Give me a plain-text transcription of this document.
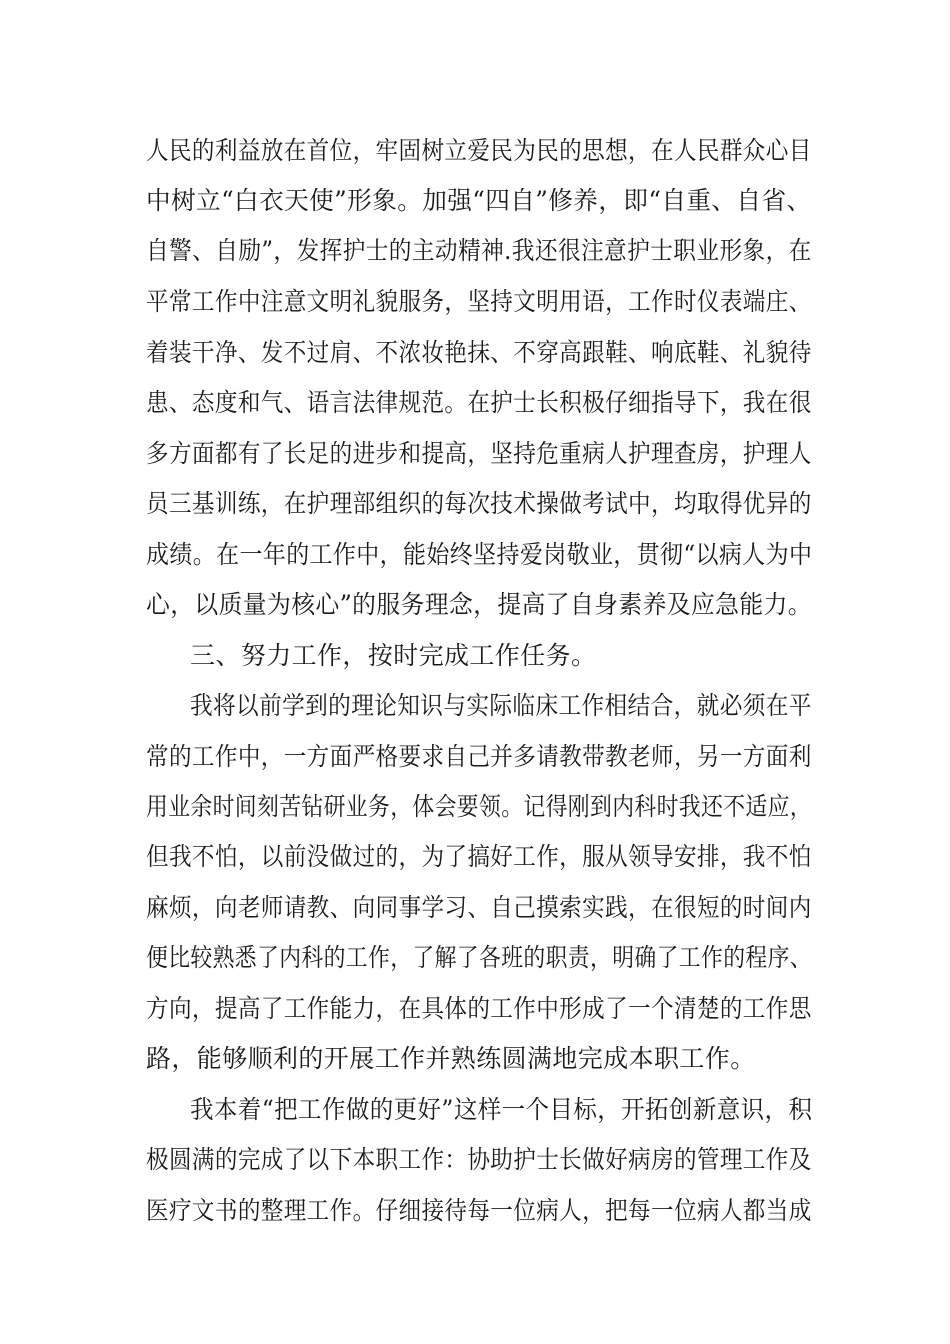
人民的利益放在首位，牢固树立爱民为民的思想，在人民群众心目
中树立“白衣天使”形象。加强“四自”修养，即“自重、自省、
自警、自励”，发挥护士的主动精神.我还很注意护士职业形象，在
平常工作中注意文明礼貌服务，坚持文明用语，工作时仪表端庄、
着装干净、发不过肩、不浓妆艳抹、不穿高跟鞋、响底鞋、礼貌待
患、态度和气、语言法律规范。在护士长积极仔细指导下，我在很
多方面都有了长足的进步和提高，坚持危重病人护理查房，护理人
员三基训练，在护理部组织的每次技术操做考试中，均取得优异的
成绩。在一年的工作中，能始终坚持爱岗敬业，贯彻“以病人为中
心，以质量为核心”的服务理念，提高了自身素养及应急能力。
三、努力工作，按时完成工作任务。
我将以前学到的理论知识与实际临床工作相结合，就必须在平
常的工作中，一方面严格要求自己并多请教带教老师，另一方面利
用业余时间刻苦钻研业务，体会要领。记得刚到内科时我还不适应，
但我不怕，以前没做过的，为了搞好工作，服从领导安排，我不怕
麻烦，向老师请教、向同事学习、自己摸索实践，在很短的时间内
便比较熟悉了内科的工作，了解了各班的职责，明确了工作的程序、
方向，提高了工作能力，在具体的工作中形成了一个清楚的工作思
路，能够顺利的开展工作并熟练圆满地完成本职工作。
我本着“把工作做的更好”这样一个目标，开拓创新意识，积
极圆满的完成了以下本职工作：协助护士长做好病房的管理工作及
医疗文书的整理工作。仔细接待每一位病人，把每一位病人都当成
